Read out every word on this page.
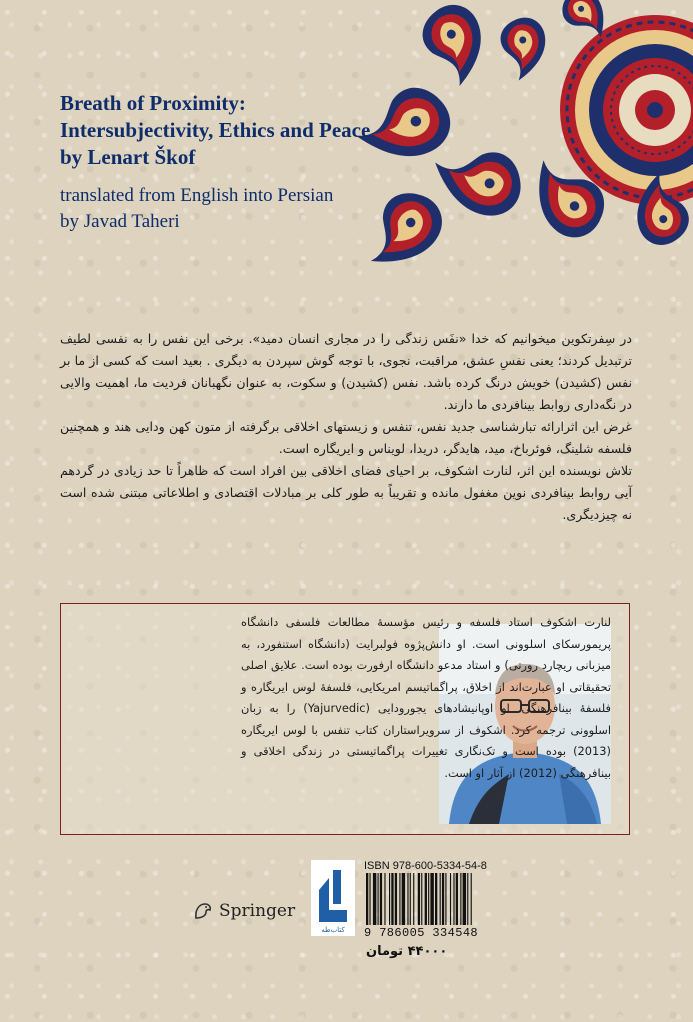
Breath of Proximity:

Intersubjectivity, Ethics and Peace

by Lenart Škof

translated from English into Persian

by Javad Taheri

در سِفرتکوین میخوانیم که خدا «نفَس زندگی را در مجاری انسان دمید». برخی این نفس را به نفسی لطیف ترتبدیل کردند؛ یعنی نفسِ عشق، مراقبت، نجوی، با توجه گوش سپردن به دیگری . بعید است که کسی از ما بر نفس (کشیدن) خویش درنگ کرده باشد. نفس (کشیدن) و سکوت، به عنوان نگهبانان فردیت ما، اهمیت والایی در نگه‌داری روابط بینافردی ما دارند.

غرض این اثرارائه تبارشناسی جدید نفس، تنفس و زیستهای اخلاقی برگرفته از متون کهن ودایی هند و همچنین فلسفه شلینگ، فوئرباخ، مید، هایدگر، دریدا، لویناس و ایریگاره است.

تلاش نویسنده این اثر، لنارت اشکوف، بر احیای فضای اخلاقی بین افراد است که ظاهراً تا حد زیادی در گردهم آیی روابط بینافردی نوین مغفول مانده و تقریباً به طور کلی بر مبادلات اقتصادی و اطلاعاتی مبتنی شده است نه چیزدیگری.

لنارت اشکوف استاد فلسفه و رئیس مؤسسهٔ مطالعات فلسفی دانشگاه پریمورسکای اسلوونی است. او دانش‌پژوه فولبرایت (دانشگاه استنفورد، به میزبانی ریچارد رورتی) و استاد مدعو دانشگاه ارفورت بوده است. علایق اصلی تحقیقاتی او عبارت‌اند از اخلاق، پراگماتیسم امریکایی، فلسفهٔ لوس ایریگاره و فلسفهٔ بینافرهنگی. او اوپانیشادهای یجورودایی (Yajurvedic) را به زبان اسلوونی ترجمه کرد. اشکوف از سرویراستاران کتاب تنفس با لوس ایریگاره (2013) بوده است و تک‌نگاری تغییرات پراگماتیستی در زندگی اخلاقی و بینافرهنگی (2012) از آثار او است.
Springer
کتاب‌طه
ISBN 978-600-5334-54-8
9 786005 334548
۴۴۰۰۰ تومان
